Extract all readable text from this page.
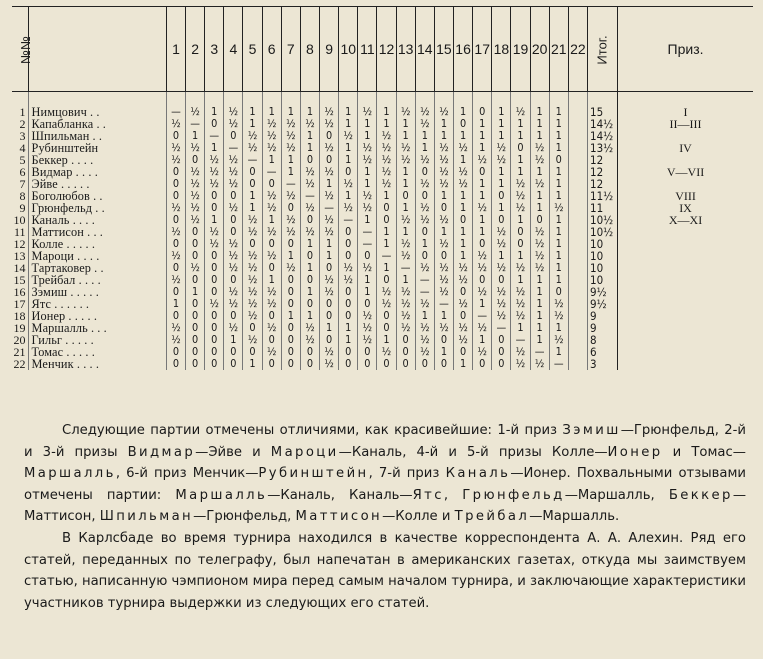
№№		1	2	3	4	5	6	7	8	9	10	11	12	13	14	15	16	17	18	19	20	21	22	Итог.	Приз.
1	Нимцович . .	—	½	1	½	1	1	1	1	½	1	½	1	½	½	½	1	0	1	½	1	1		15	I
2	Капабланка . .	½	—	0	½	1	½	½	½	½	1	1	1	1	½	1	0	1	1	1	1	1		14½	II—III
3	Шпильман . .	0	1	—	0	½	½	½	1	0	½	1	½	1	1	1	1	1	1	1	1	1		14½	
4	Рубинштейн	½	½	1	—	½	½	½	1	½	1	½	½	½	1	½	½	1	½	0	½	1		13½	IV
5	Беккер . . . .	½	0	½	½	—	1	1	0	0	1	½	½	½	½	½	1	½	½	1	½	0		12	
6	Видмар . . . .	0	½	½	½	0	—	1	½	½	0	1	½	1	0	½	½	0	1	1	1	1		12	V—VII
7	Эйве . . . . .	0	½	½	½	0	0	—	½	1	½	1	½	1	½	½	½	1	1	½	½	1		12	
8	Боголюбов . .	0	½	0	0	1	½	½	—	½	1	½	1	0	0	1	1	1	0	½	1	1		11½	VIII
9	Грюнфельд . .	½	½	0	½	1	½	0	½	—	½	½	0	1	½	0	1	½	1	½	1	½		11	IX
10	Каналь . . . .	0	½	1	0	½	1	½	0	½	—	1	0	½	½	½	0	1	0	1	0	1		10½	X—XI
11	Маттисон . . .	½	0	½	0	½	½	½	½	½	0	—	1	1	0	1	1	1	½	0	½	1		10½	
12	Колле . . . . .	0	0	½	½	0	0	0	1	1	0	—	1	½	1	½	1	0	½	0	½	1		10	
13	Мароци . . . .	½	0	0	½	½	½	1	0	1	0	0	—	½	0	0	1	½	1	1	½	1		10	
14	Тартаковер . .	0	½	0	½	½	0	½	1	0	½	½	1	—	½	½	½	½	½	½	½	1		10	
15	Трейбал . . . .	½	0	0	0	½	1	0	0	½	½	1	0	1	—	½	½	0	0	1	1	1		10	
16	Зэмиш . . . . .	0	1	0	½	½	½	0	1	½	0	1	½	½	—	½	0	½	½	½	1	0		9½	
17	Ятс . . . . . .	1	0	½	½	½	½	0	0	0	0	0	½	½	½	—	½	1	½	½	1	½		9½	
18	Ионер . . . . .	0	0	0	0	½	0	1	1	0	0	½	0	½	1	1	0	—	½	½	1	½		9	
19	Маршалль . . .	½	0	0	½	0	½	0	½	1	1	½	0	½	½	½	½	½	—	1	1	1		9	
20	Гильг . . . . .	½	0	0	1	½	0	0	½	0	1	½	1	0	½	0	½	1	0	—	1	½		8	
21	Томас . . . . .	0	0	0	0	0	½	0	0	½	0	0	½	0	½	1	0	½	0	½	—	1		6	
22	Менчик . . . .	0	0	0	0	1	0	0	0	½	0	0	0	0	0	0	1	0	0	½	½	—		3	

Следующие партии отмечены отличиями, как красивейшие: 1-й приз Зэмиш—Грюнфельд, 2-й и 3-й призы Видмар—Эйве и Мароци—Каналь, 4-й и 5-й призы Колле—Ионер и Томас—Маршалль, 6-й приз Менчик—Рубинштейн, 7-й приз Каналь—Ионер. Похвальными отзывами отмечены партии: Маршалль—Каналь, Каналь—Ятс, Грюнфельд—Маршалль, Беккер—Маттисон, Шпильман—Грюнфельд, Маттисон—Колле и Трейбал—Маршалль.

В Карлсбаде во время турнира находился в качестве корреспондента А. А. Алехин. Ряд его статей, переданных по телеграфу, был напечатан в американских газетах, откуда мы заимствуем статью, написанную чэмпионом мира перед самым началом турнира, и заключающие характеристики участников турнира выдержки из следующих его статей.
